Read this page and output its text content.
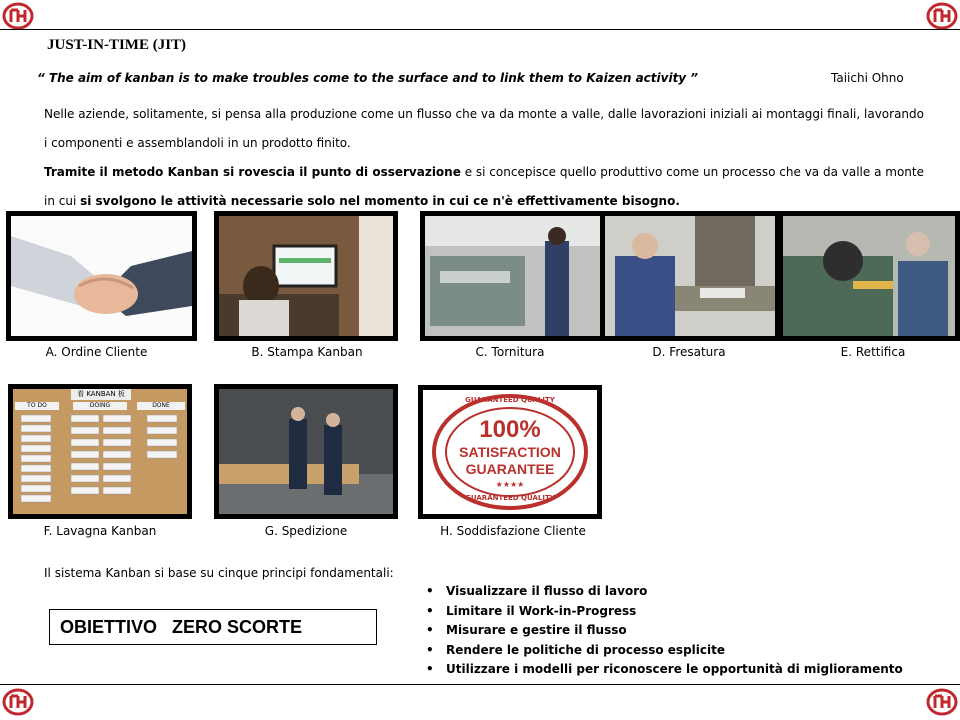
JUST-IN-TIME (JIT)
“ The aim of kanban is to make troubles come to the surface and to link them to Kaizen activity ”	Taiichi Ohno
Nelle aziende, solitamente, si pensa alla produzione come un flusso che va da monte a valle, dalle lavorazioni iniziali ai montaggi finali, lavorando i componenti e assemblandoli in un prodotto finito.
Tramite il metodo Kanban si rovescia il punto di osservazione e si concepisce quello produttivo come un processo che va da valle a monte in cui si svolgono le attività necessarie solo nel momento in cui ce n'è effettivamente bisogno.
A. Ordine Cliente	B. Stampa Kanban	C. Tornitura	D. Fresatura	E. Rettifica
看 KANBAN 板
TO DO	DOING	DONE
GUARANTEED QUALITY
100%
SATISFACTION
GUARANTEE
★★★★
GUARANTEED QUALITY
F. Lavagna Kanban	G. Spedizione	H. Soddisfazione Cliente
Il sistema Kanban si base su cinque principi fondamentali:
• Visualizzare il flusso di lavoro
• Limitare il Work-in-Progress
• Misurare e gestire il flusso
• Rendere le politiche di processo esplicite
• Utilizzare i modelli per riconoscere le opportunità di miglioramento
OBIETTIVO   ZERO SCORTE
